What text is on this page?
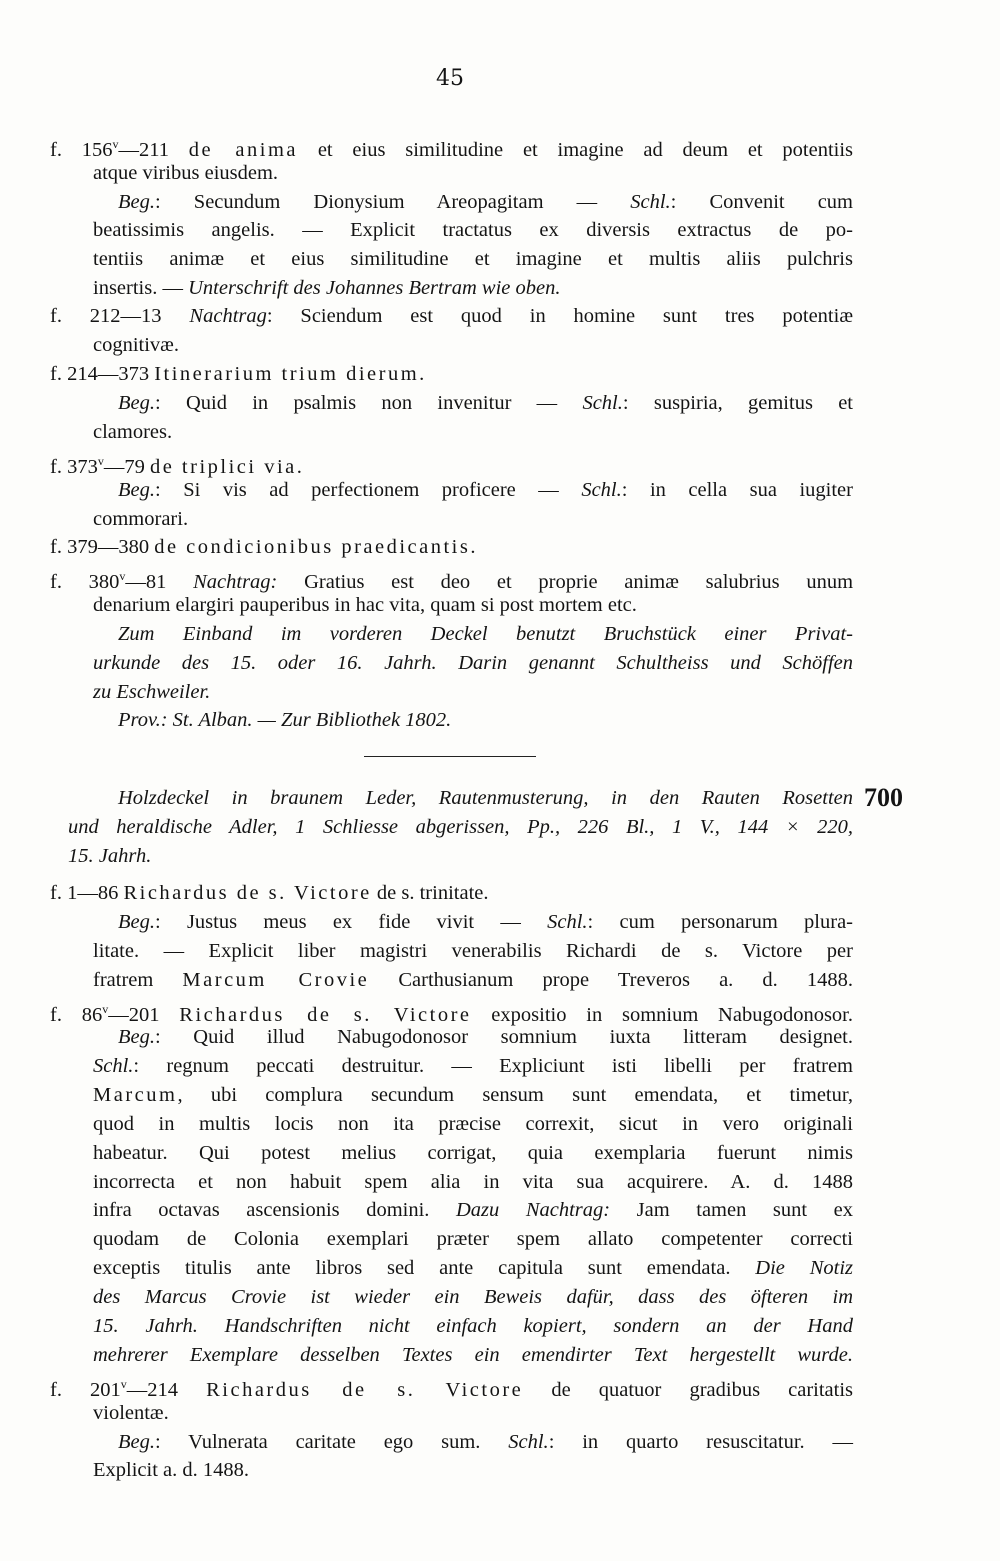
45
f. 156$^v$—211 de anima et eius similitudine et imagine ad deum et potentiis
atque viribus eiusdem.
Beg.: Secundum Dionysium Areopagitam — Schl.: Convenit cum
beatissimis angelis. — Explicit tractatus ex diversis extractus de po-
tentiis animæ et eius similitudine et imagine et multis aliis pulchris
insertis. — Unterschrift des Johannes Bertram wie oben.
f. 212—13 Nachtrag: Sciendum est quod in homine sunt tres potentiæ
cognitivæ.
f. 214—373 Itinerarium trium dierum.
Beg.: Quid in psalmis non invenitur — Schl.: suspiria, gemitus et
clamores.
f. 373$^v$—79 de triplici via.
Beg.: Si vis ad perfectionem proficere — Schl.: in cella sua iugiter
commorari.
f. 379—380 de condicionibus praedicantis.
f. 380$^v$—81 Nachtrag: Gratius est deo et proprie animæ salubrius unum
denarium elargiri pauperibus in hac vita, quam si post mortem etc.
Zum Einband im vorderen Deckel benutzt Bruchstück einer Privat-
urkunde des 15. oder 16. Jahrh. Darin genannt Schultheiss und Schöffen
zu Eschweiler.
Prov.: St. Alban. — Zur Bibliothek 1802.
Holzdeckel in braunem Leder, Rautenmusterung, in den Rauten Rosetten 700
und heraldische Adler, 1 Schliesse abgerissen, Pp., 226 Bl., 1 V., 144 × 220,
15. Jahrh.
f. 1—86 Richardus de s. Victore de s. trinitate.
Beg.: Justus meus ex fide vivit — Schl.: cum personarum plura-
litate. — Explicit liber magistri venerabilis Richardi de s. Victore per
fratrem Marcum Crovie Carthusianum prope Treveros a. d. 1488.
f. 86$^v$—201 Richardus de s. Victore expositio in somnium Nabugodonosor.
Beg.: Quid illud Nabugodonosor somnium iuxta litteram designet.
Schl.: regnum peccati destruitur. — Expliciunt isti libelli per fratrem
Marcum, ubi complura secundum sensum sunt emendata, et timetur,
quod in multis locis non ita præcise correxit, sicut in vero originali
habeatur. Qui potest melius corrigat, quia exemplaria fuerunt nimis
incorrecta et non habuit spem alia in vita sua acquirere. A. d. 1488
infra octavas ascensionis domini. Dazu Nachtrag: Jam tamen sunt ex
quodam de Colonia exemplari præter spem allato competenter correcti
exceptis titulis ante libros sed ante capitula sunt emendata. Die Notiz
des Marcus Crovie ist wieder ein Beweis dafür, dass des öfteren im
15. Jahrh. Handschriften nicht einfach kopiert, sondern an der Hand
mehrerer Exemplare desselben Textes ein emendirter Text hergestellt wurde.
f. 201$^v$—214 Richardus de s. Victore de quatuor gradibus caritatis
violentæ.
Beg.: Vulnerata caritate ego sum. Schl.: in quarto resuscitatur. —
Explicit a. d. 1488.
